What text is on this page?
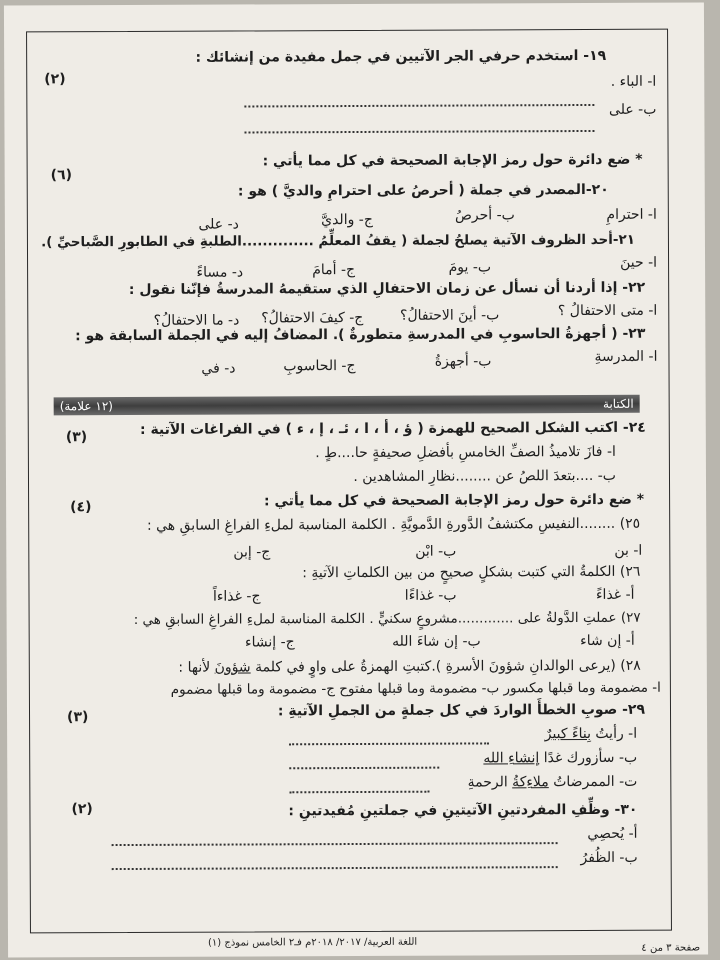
١٩- استخدم حرفي الجر الآتيين في جمل مفيدة من إنشائك :
(٢)	ا- الباء .
ب- على
* ضع دائرة حول رمز الإجابة الصحيحة في كل مما يأتي :
(٦)
٢٠-المصدر في جملة ( أحرصُ على احترامِ والديَّ ) هو :
ا- احترامِ
ب- أحرصُ
ج- والديَّ
د- على
٢١-أحد الظروف الآتية يصلحُ لجملة ( يقفُ المعلِّمُ ..............الطلبةِ في الطابورِ الصَّباحيِّ ).
ا- حينَ
ب- يومَ
ج- أمامَ
د- مساءً
٢٢- إذا أردنا أن نسأل عن زمان الاحتفالِ الذي ستقيمهُ المدرسةُ فإنّنا نقول :
ا- متى الاحتفالُ ؟
ب- أينَ الاحتفالُ؟
ج- كيفَ الاحتفالُ؟
د- ما الاحتفالُ؟
٢٣- ( أجهزةُ الحاسوبِ في المدرسةِ متطورةٌ ). المضافُ إليه في الجملة السابقة هو :
ا- المدرسةِ
ب- أجهزةُ
ج- الحاسوبِ
د- في
الكتابة
(١٢ علامة)
٢٤- اكتب الشكل الصحيح للهمزة ( ؤ ، أ ، ا ، ئـ ، إ ، ء ) في الفراغات الآتية :
(٣)
ا- فازَ تلاميذُ الصفِّ الخامسِ بأفضلِ صحيفةٍ حا....طٍ .
ب- ....بتعدَ اللصُ عن ........نظارِ المشاهدين .
* ضع دائرة حول رمز الإجابة الصحيحة في كل مما يأتي :
(٤)
٢٥) ........النفيسِ مكتشفُ الدَّورةِ الدَّمويَّةِ . الكلمة المناسبة لملءِ الفراغِ السابقِ هي :
ا- بن
ب- ابْن
ج- إبن
٢٦) الكلمةُ التي كتبت بشكلٍ صحيحٍ من بين الكلماتِ الآتيةِ :
أ- غذاءً
ب- غذاءًا
ج- غذاءاً
٢٧) عملتِ الدَّولةُ على .............مشروعٍ سكنيٍّ . الكلمة المناسبة لملءِ الفراغِ السابقِ هي :
أ- إن شاء
ب- إن شاءَ الله
ج- إنشاء
٢٨) (يرعى الوالدانِ شؤونَ الأسرةِ ).كتبتِ الهمزةُ على واوٍ في كلمة شؤونَ لأنها :
ا- مضمومة وما قبلها مكسور ب- مضمومة وما قبلها مفتوح ج- مضمومة وما قبلها مضموم
٢٩- صوبِ الخطأَ الواردَ في كل جملةٍ من الجملِ الآتيةِ :
(٣)
ا- رأيتُ بِناءً كبيرٌ
ب- سأزورك غدًا إنشاءِ الله
ت- الممرضاتُ ملاءِكةُ الرحمةِ
٣٠- وظِّفِ المفردتينِ الآتيتينِ في جملتينِ مُفيدتينِ :
(٢)
أ- يُحصِي
ب- الظُفرُ
اللغة العربية/ ٢٠١٧/ ٢٠١٨م فـ٢ الخامس نموذج (١)
صفحة ٣ من ٤
